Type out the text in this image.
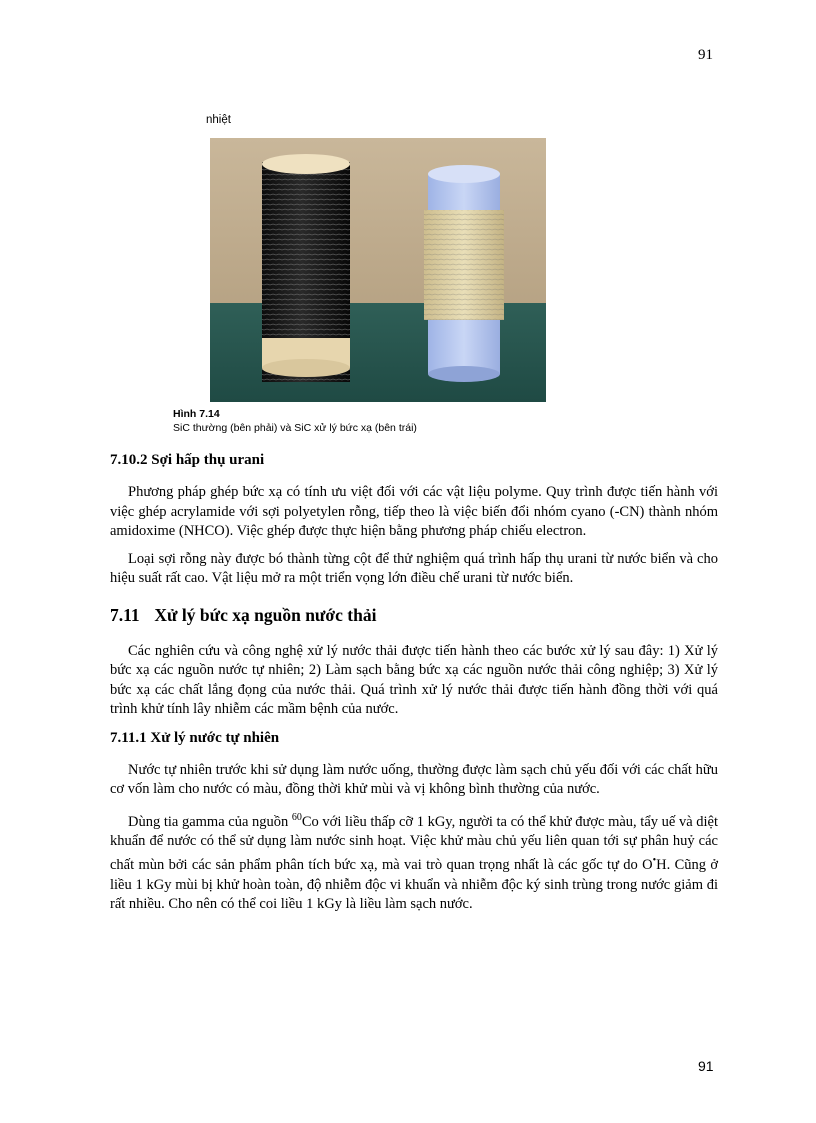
91
nhiệt
Hình 7.14
SiC thường (bên phải) và SiC xử lý bức xạ (bên trái)
7.10.2 Sợi hấp thụ urani

Phương pháp ghép bức xạ có tính ưu việt đối với các vật liệu polyme. Quy trình được tiến hành với việc ghép acrylamide với sợi polyetylen rỗng, tiếp theo là việc biến đổi nhóm cyano (-CN) thành nhóm amidoxime (NHCO). Việc ghép được thực hiện bằng phương pháp chiếu electron.

Loại sợi rỗng này được bó thành từng cột để thử nghiệm quá trình hấp thụ urani từ nước biển và cho hiệu suất rất cao. Vật liệu mở ra một triển vọng lớn điều chế urani từ nước biển.

7.11 Xử lý bức xạ nguồn nước thải

Các nghiên cứu và công nghệ xử lý nước thải được tiến hành theo các bước xử lý sau đây: 1) Xử lý bức xạ các nguồn nước tự nhiên; 2) Làm sạch bằng bức xạ các nguồn nước thải công nghiệp; 3) Xử lý bức xạ các chất lắng đọng của nước thải. Quá trình xử lý nước thải được tiến hành đồng thời với quá trình khử tính lây nhiễm các mầm bệnh của nước.

7.11.1 Xử lý nước tự nhiên

Nước tự nhiên trước khi sử dụng làm nước uống, thường được làm sạch chủ yếu đối với các chất hữu cơ vốn làm cho nước có màu, đồng thời khử mùi và vị không bình thường của nước.

Dùng tia gamma của nguồn $^{60}$Co với liều thấp cỡ 1 kGy, người ta có thể khử được màu, tẩy uế và diệt khuẩn để nước có thể sử dụng làm nước sinh hoạt. Việc khử màu chủ yếu liên quan tới sự phân huỷ các chất mùn bởi các sản phẩm phân tích bức xạ, mà vai trò quan trọng nhất là các gốc tự do O•H. Cũng ở liều 1 kGy mùi bị khử hoàn toàn, độ nhiễm độc vi khuẩn và nhiễm độc ký sinh trùng trong nước giảm đi rất nhiều. Cho nên có thể coi liều 1 kGy là liều làm sạch nước.

91
